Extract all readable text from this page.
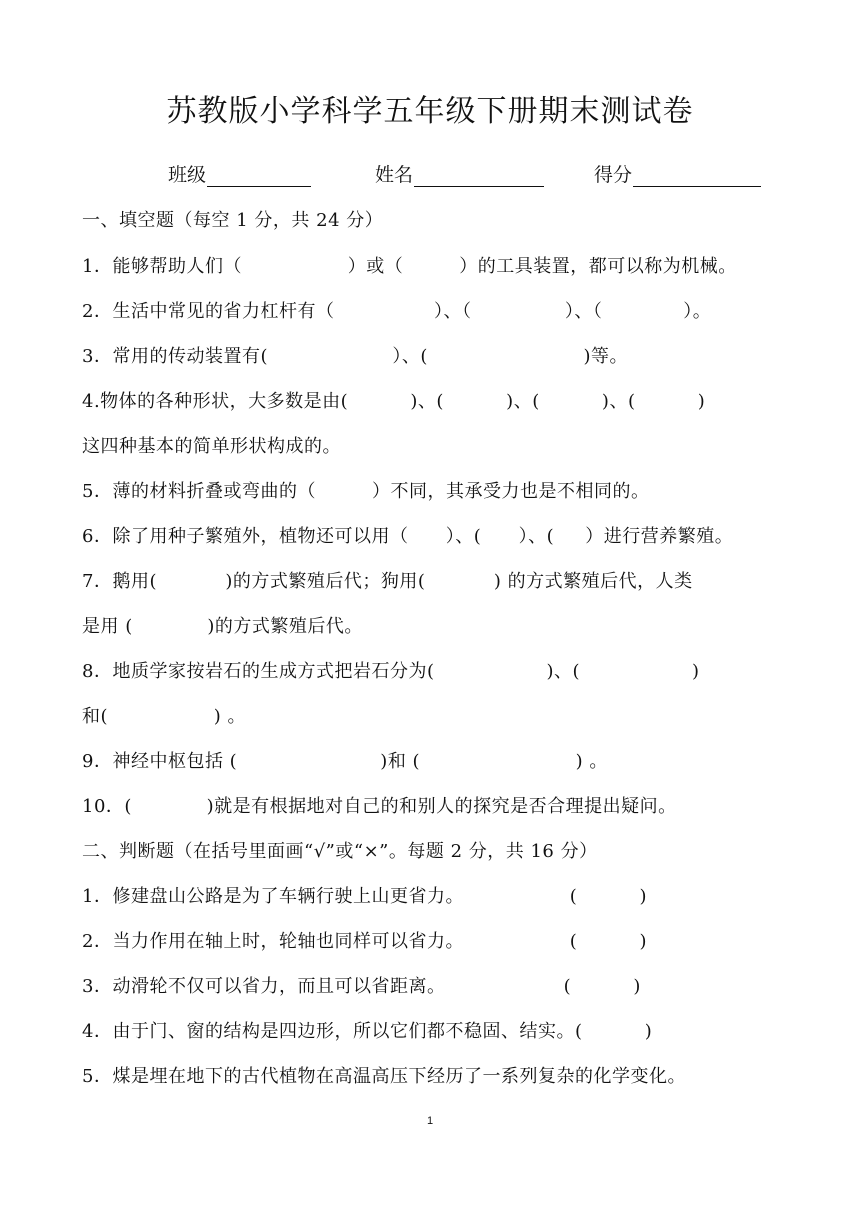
苏教版小学科学五年级下册期末测试卷
班级	姓名	得分
一、填空题（每空 1 分，共 24 分）
1．能够帮助人们（                 ）或（         ）的工具装置，都可以称为机械。
2．生活中常见的省力杠杆有（                ）、（               ）、（             ）。
3．常用的传动装置有(                    ）、(                         )等。
4.物体的各种形状，大多数是由(          )、(          )、(          )、(          )
这四种基本的简单形状构成的。
5．薄的材料折叠或弯曲的（         ）不同，其承受力也是不相同的。
6．除了用种子繁殖外，植物还可以用（      ）、(      ）、(     ）进行营养繁殖。
7．鹅用(           )的方式繁殖后代；狗用(           ) 的方式繁殖后代，人类
是用 (            )的方式繁殖后代。
8．地质学家按岩石的生成方式把岩石分为(                  )、(                  )
和(                 ) 。
9．神经中枢包括 (                       )和 (                         ) 。
10．(            )就是有根据地对自己的和别人的探究是否合理提出疑问。
二、判断题（在括号里面画“√”或“×”。每题 2 分，共 16 分）
1．修建盘山公路是为了车辆行驶上山更省力。                 (          )
2．当力作用在轴上时，轮轴也同样可以省力。                 (          )
3．动滑轮不仅可以省力，而且可以省距离。                   (          )
4．由于门、窗的结构是四边形，所以它们都不稳固、结实。(          )
5．煤是埋在地下的古代植物在高温高压下经历了一系列复杂的化学变化。
1
